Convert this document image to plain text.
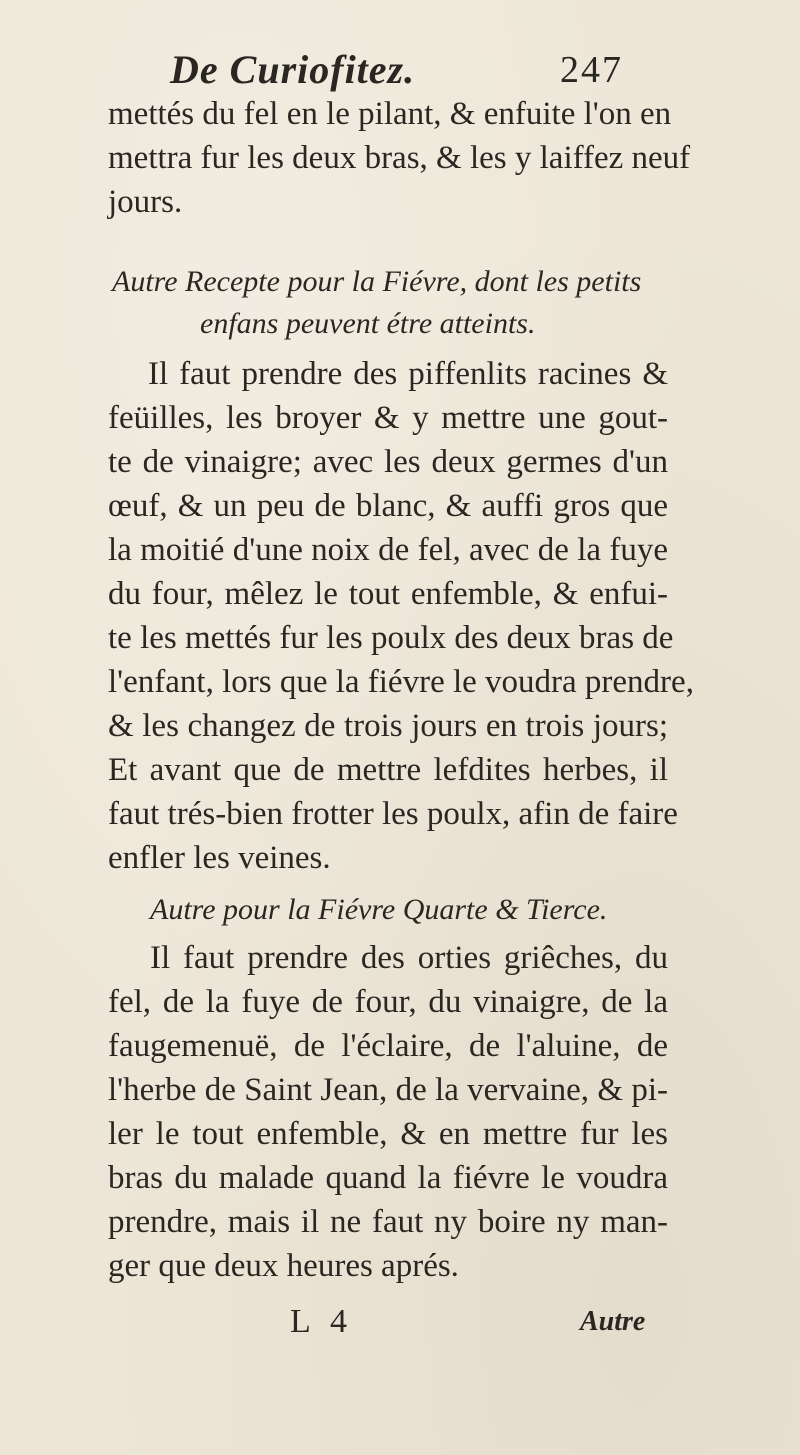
De Curiofitez.	247
mettés du fel en le pilant, & enfuite l'on en
mettra fur les deux bras, & les y laiffez neuf
jours.
Autre Recepte pour la Fiévre, dont les petits
enfans peuvent étre atteints.
Il faut prendre des piffenlits racines &
feüilles, les broyer & y mettre une gout-
te de vinaigre; avec les deux germes d'un
œuf, & un peu de blanc, & auffi gros que
la moitié d'une noix de fel, avec de la fuye
du four, mêlez le tout enfemble, & enfui-
te les mettés fur les poulx des deux bras de
l'enfant, lors que la fiévre le voudra prendre,
& les changez de trois jours en trois jours;
Et avant que de mettre lefdites herbes, il
faut trés-bien frotter les poulx, afin de faire
enfler les veines.
Autre pour la Fiévre Quarte & Tierce.
Il faut prendre des orties griêches, du
fel, de la fuye de four, du vinaigre, de la
faugemenuë, de l'éclaire, de l'aluine, de
l'herbe de Saint Jean, de la vervaine, & pi-
ler le tout enfemble, & en mettre fur les
bras du malade quand la fiévre le voudra
prendre, mais il ne faut ny boire ny man-
ger que deux heures aprés.
L 4	Autre
